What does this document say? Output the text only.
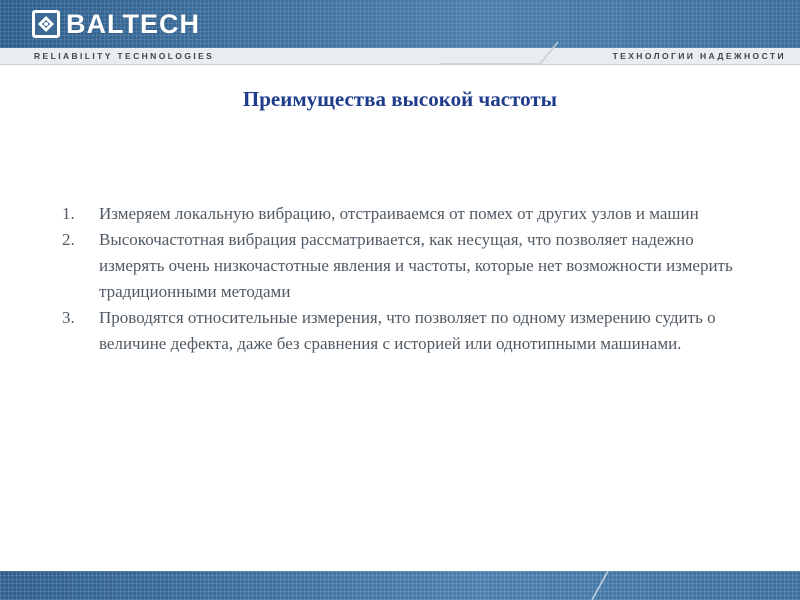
BALTECH
RELIABILITY TECHNOLOGIES	ТЕХНОЛОГИИ НАДЕЖНОСТИ
Преимущества высокой частоты
1.	Измеряем локальную вибрацию, отстраиваемся от помех от других узлов и машин
2.	Высокочастотная вибрация рассматривается, как несущая, что позволяет надежно измерять очень низкочастотные явления и частоты, которые нет возможности измерить традиционными методами
3.	Проводятся относительные измерения, что позволяет по одному измерению судить о величине дефекта, даже без сравнения с историей или однотипными машинами.
